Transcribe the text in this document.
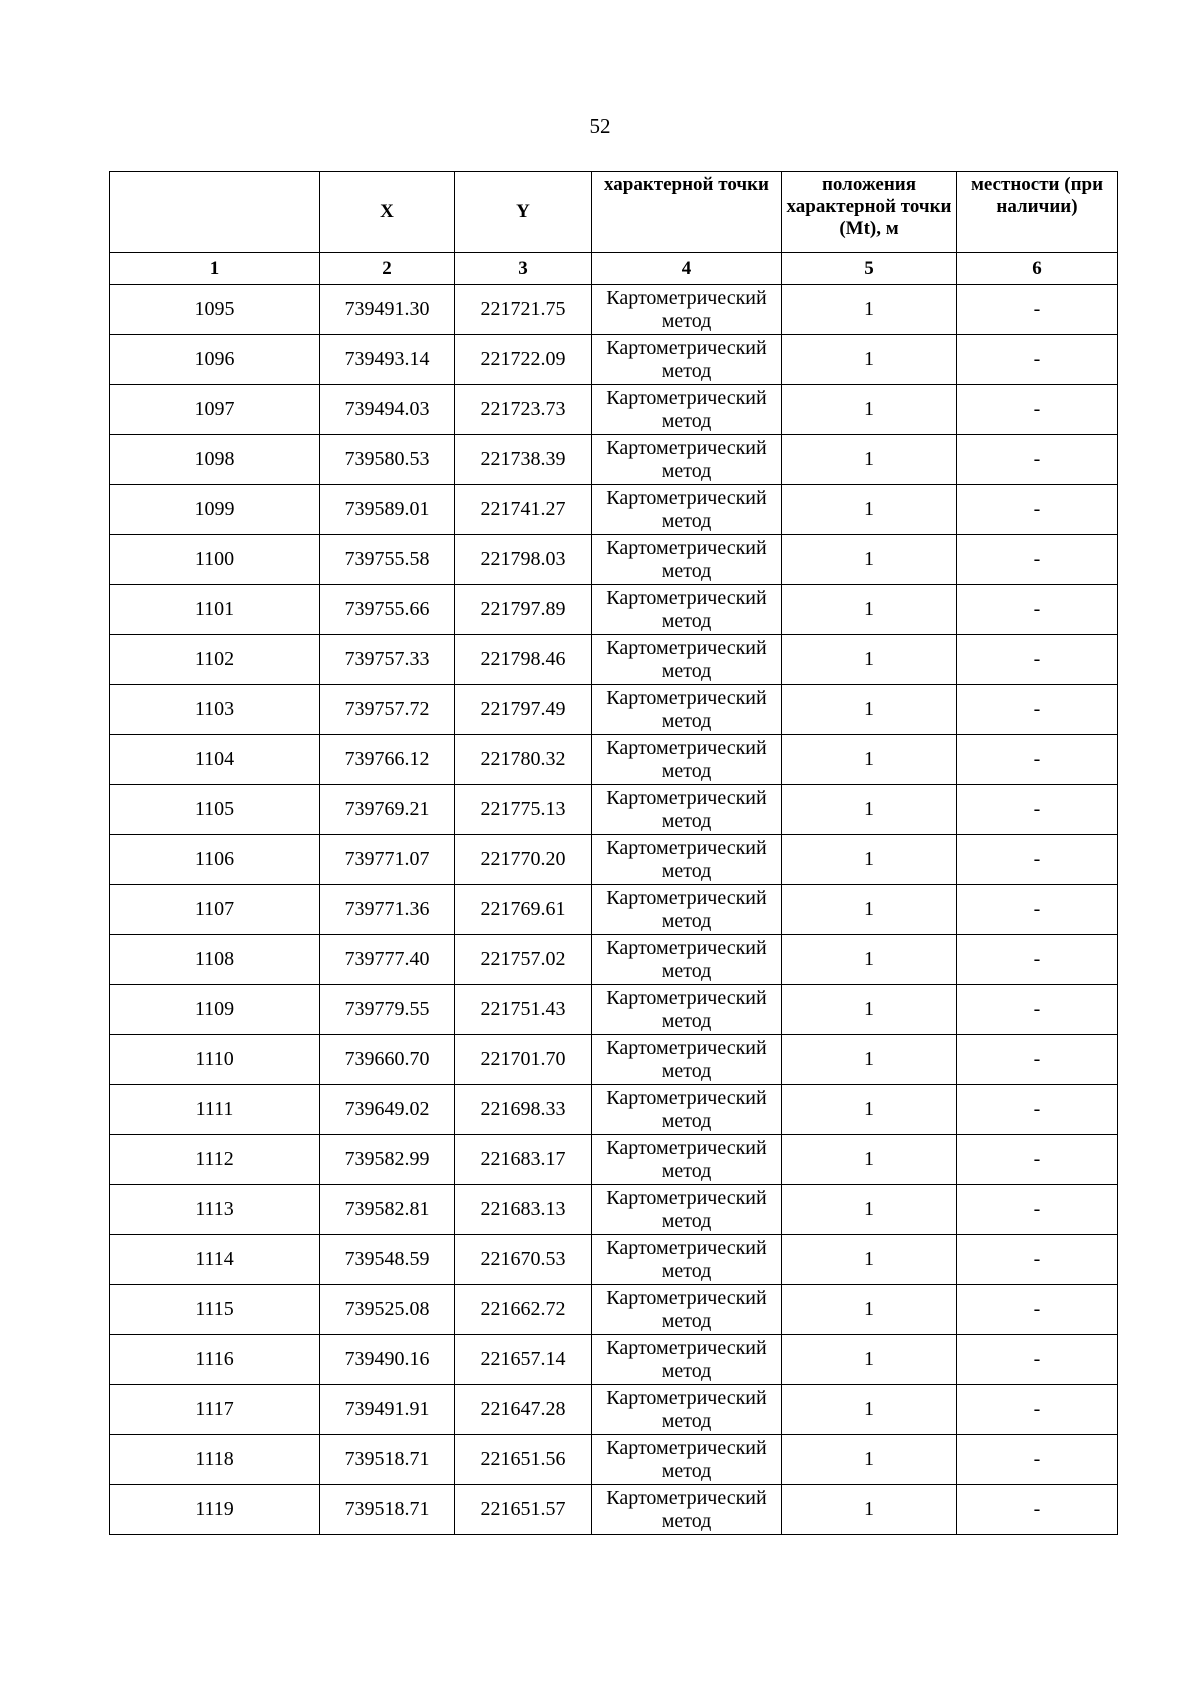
52
	X	Y	характерной точки	положения характерной точки (Mt), м	местности (при наличии)
1	2	3	4	5	6
1095	739491.30	221721.75	Картометрический метод	1	-
1096	739493.14	221722.09	Картометрический метод	1	-
1097	739494.03	221723.73	Картометрический метод	1	-
1098	739580.53	221738.39	Картометрический метод	1	-
1099	739589.01	221741.27	Картометрический метод	1	-
1100	739755.58	221798.03	Картометрический метод	1	-
1101	739755.66	221797.89	Картометрический метод	1	-
1102	739757.33	221798.46	Картометрический метод	1	-
1103	739757.72	221797.49	Картометрический метод	1	-
1104	739766.12	221780.32	Картометрический метод	1	-
1105	739769.21	221775.13	Картометрический метод	1	-
1106	739771.07	221770.20	Картометрический метод	1	-
1107	739771.36	221769.61	Картометрический метод	1	-
1108	739777.40	221757.02	Картометрический метод	1	-
1109	739779.55	221751.43	Картометрический метод	1	-
1110	739660.70	221701.70	Картометрический метод	1	-
1111	739649.02	221698.33	Картометрический метод	1	-
1112	739582.99	221683.17	Картометрический метод	1	-
1113	739582.81	221683.13	Картометрический метод	1	-
1114	739548.59	221670.53	Картометрический метод	1	-
1115	739525.08	221662.72	Картометрический метод	1	-
1116	739490.16	221657.14	Картометрический метод	1	-
1117	739491.91	221647.28	Картометрический метод	1	-
1118	739518.71	221651.56	Картометрический метод	1	-
1119	739518.71	221651.57	Картометрический метод	1	-
